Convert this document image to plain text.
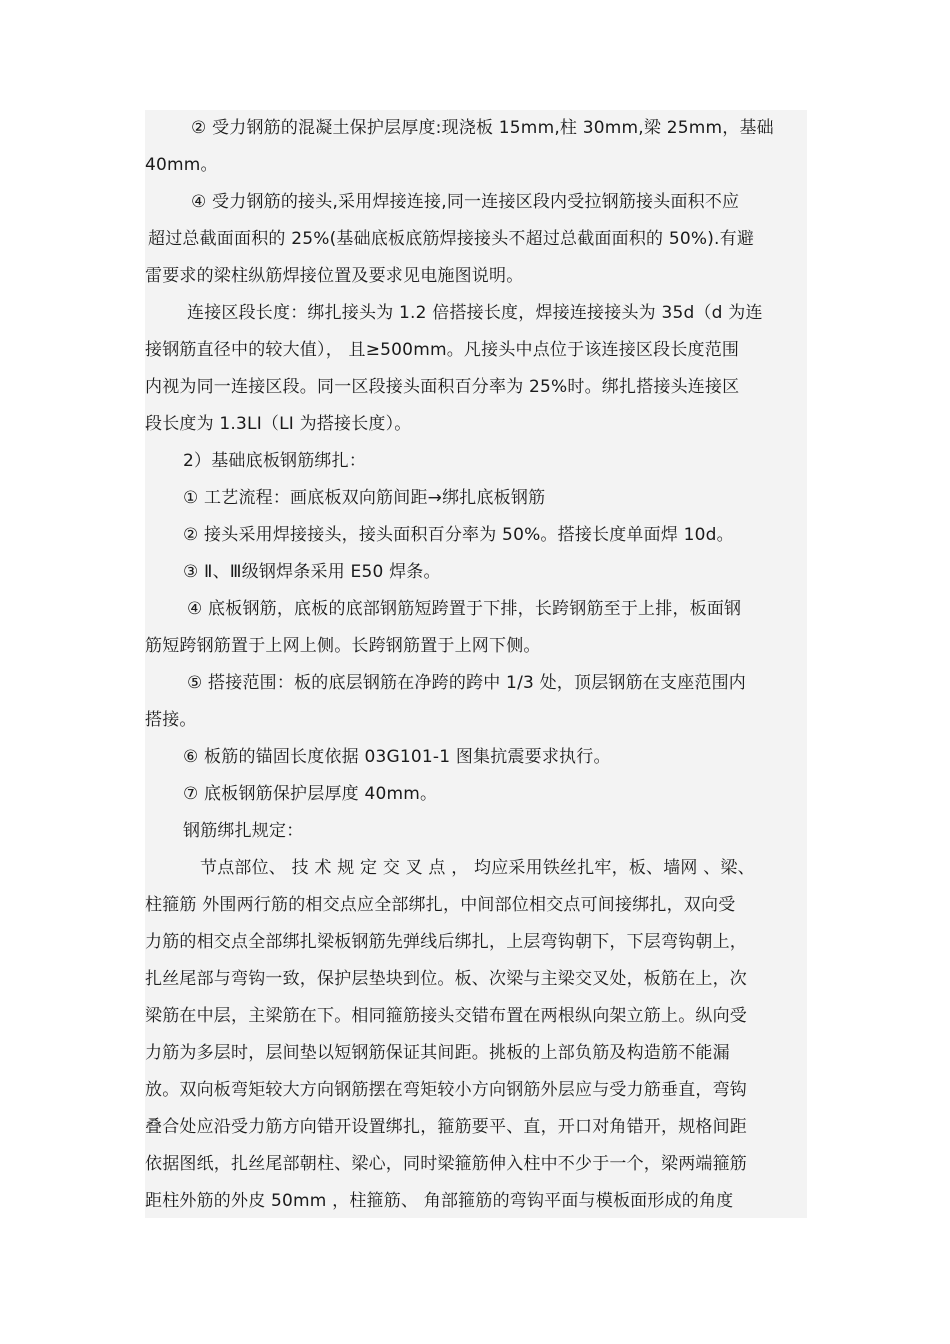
② 受力钢筋的混凝土保护层厚度:现浇板 15mm,柱 30mm,梁 25mm，基础
40mm。
④ 受力钢筋的接头,采用焊接连接,同一连接区段内受拉钢筋接头面积不应
超过总截面面积的 25%(基础底板底筋焊接接头不超过总截面面积的 50%).有避
雷要求的梁柱纵筋焊接位置及要求见电施图说明。
连接区段长度：绑扎接头为 1.2 倍搭接长度，焊接连接接头为 35d（d 为连
接钢筋直径中的较大值）， 且≥500mm。凡接头中点位于该连接区段长度范围
内视为同一连接区段。同一区段接头面积百分率为 25%时。绑扎搭接头连接区
段长度为 1.3LI（LI 为搭接长度）。
2）基础底板钢筋绑扎：
① 工艺流程：画底板双向筋间距→绑扎底板钢筋
② 接头采用焊接接头，接头面积百分率为 50%。搭接长度单面焊 10d。
③ Ⅱ、Ⅲ级钢焊条采用 E50 焊条。
④ 底板钢筋，底板的底部钢筋短跨置于下排，长跨钢筋至于上排，板面钢
筋短跨钢筋置于上网上侧。长跨钢筋置于上网下侧。
⑤ 搭接范围：板的底层钢筋在净跨的跨中 1/3 处，顶层钢筋在支座范围内
搭接。
⑥ 板筋的锚固长度依据 03G101-1 图集抗震要求执行。
⑦ 底板钢筋保护层厚度 40mm。
钢筋绑扎规定：
节点部位、 技 术 规 定 交 叉 点 ， 均应采用铁丝扎牢，板、墙网 、梁、
柱箍筋 外围两行筋的相交点应全部绑扎，中间部位相交点可间接绑扎，双向受
力筋的相交点全部绑扎梁板钢筋先弹线后绑扎，上层弯钩朝下，下层弯钩朝上，
扎丝尾部与弯钩一致，保护层垫块到位。板、次梁与主梁交叉处，板筋在上，次
梁筋在中层，主梁筋在下。相同箍筋接头交错布置在两根纵向架立筋上。纵向受
力筋为多层时，层间垫以短钢筋保证其间距。挑板的上部负筋及构造筋不能漏
放。双向板弯矩较大方向钢筋摆在弯矩较小方向钢筋外层应与受力筋垂直，弯钩
叠合处应沿受力筋方向错开设置绑扎，箍筋要平、直，开口对角错开，规格间距
依据图纸，扎丝尾部朝柱、梁心，同时梁箍筋伸入柱中不少于一个，梁两端箍筋
距柱外筋的外皮 50mm ，柱箍筋、 角部箍筋的弯钩平面与模板面形成的角度
